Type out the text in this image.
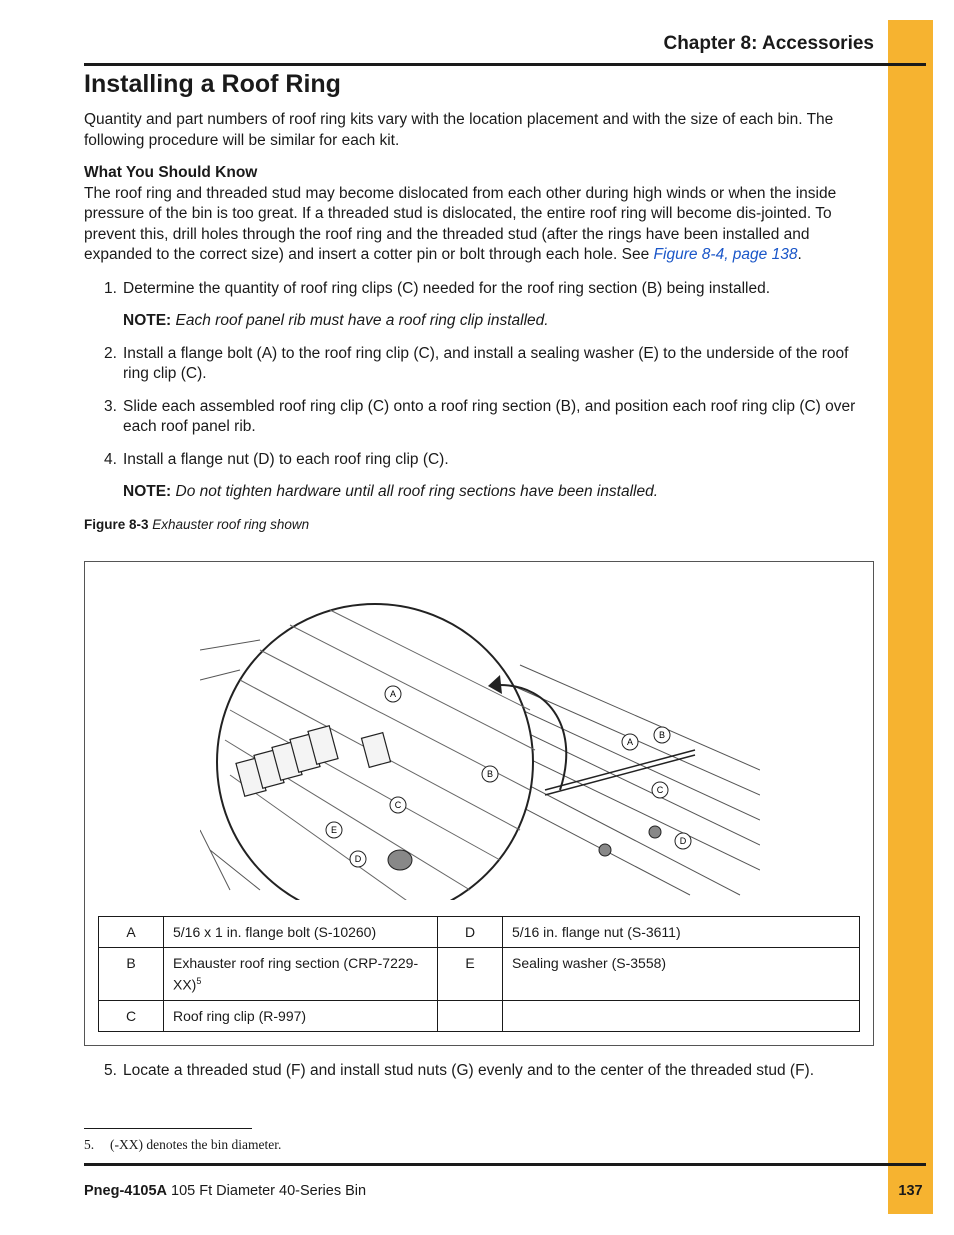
Chapter 8: Accessories
Installing a Roof Ring

Quantity and part numbers of roof ring kits vary with the location placement and with the size of each bin. The following procedure will be similar for each kit.

What You Should Know

The roof ring and threaded stud may become dislocated from each other during high winds or when the inside pressure of the bin is too great. If a threaded stud is dislocated, the entire roof ring will become dis-jointed. To prevent this, drill holes through the roof ring and the threaded stud (after the rings have been installed and expanded to the correct size) and insert a cotter pin or bolt through each hole. See Figure 8-4, page 138.

1. Determine the quantity of roof ring clips (C) needed for the roof ring section (B) being installed.

NOTE: Each roof panel rib must have a roof ring clip installed.

2. Install a flange bolt (A) to the roof ring clip (C), and install a sealing washer (E) to the underside of the roof ring clip (C).
3. Slide each assembled roof ring clip (C) onto a roof ring section (B), and position each roof ring clip (C) over each roof panel rib.
4. Install a flange nut (D) to each roof ring clip (C).

NOTE: Do not tighten hardware until all roof ring sections have been installed.

Figure 8-3 Exhauster roof ring shown

A
B
C
D
E
A
B
C
D
A	5/16 x 1 in. flange bolt (S-10260)	D	5/16 in. flange nut (S-3611)
B	Exhauster roof ring section $(CRP-7229-XX)^5$	E	Sealing washer (S-3558)
C	Roof ring clip (R-997)		
5. Locate a threaded stud (F) and install stud nuts (G) evenly and to the center of the threaded stud (F).
5. (-XX) denotes the bin diameter.
Pneg-4105A 105 Ft Diameter 40-Series Bin	137
